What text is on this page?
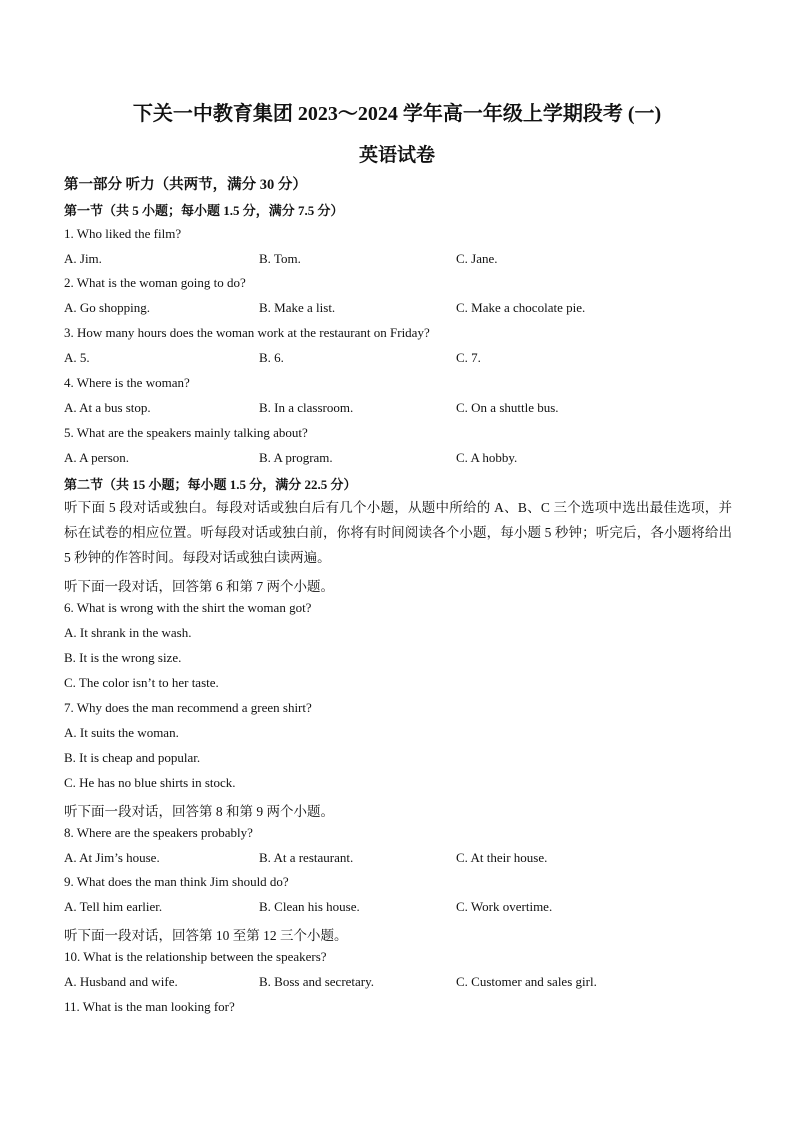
下关一中教育集团 2023～2024 学年高一年级上学期段考 (一)
英语试卷
第一部分 听力（共两节，满分 30 分）
第一节（共 5 小题；每小题 1.5 分，满分 7.5 分）
1. Who liked the film?
A. Jim.	B. Tom.	C. Jane.
2. What is the woman going to do?
A. Go shopping.	B. Make a list.	C. Make a chocolate pie.
3. How many hours does the woman work at the restaurant on Friday?
A. 5.	B. 6.	C. 7.
4. Where is the woman?
A. At a bus stop.	B. In a classroom.	C. On a shuttle bus.
5. What are the speakers mainly talking about?
A. A person.	B. A program.	C. A hobby.
第二节（共 15 小题；每小题 1.5 分，满分 22.5 分）
听下面 5 段对话或独白。每段对话或独白后有几个小题，从题中所给的 A、B、C 三个选项中选出最佳选项，并标在试卷的相应位置。听每段对话或独白前，你将有时间阅读各个小题，每小题 5 秒钟；听完后，各小题将给出 5 秒钟的作答时间。每段对话或独白读两遍。
听下面一段对话，回答第 6 和第 7 两个小题。
6. What is wrong with the shirt the woman got?
A. It shrank in the wash.
B. It is the wrong size.
C. The color isn’t to her taste.
7. Why does the man recommend a green shirt?
A. It suits the woman.
B. It is cheap and popular.
C. He has no blue shirts in stock.
听下面一段对话，回答第 8 和第 9 两个小题。
8. Where are the speakers probably?
A. At Jim’s house.	B. At a restaurant.	C. At their house.
9. What does the man think Jim should do?
A. Tell him earlier.	B. Clean his house.	C. Work overtime.
听下面一段对话，回答第 10 至第 12 三个小题。
10. What is the relationship between the speakers?
A. Husband and wife.	B. Boss and secretary.	C. Customer and sales girl.
11. What is the man looking for?
